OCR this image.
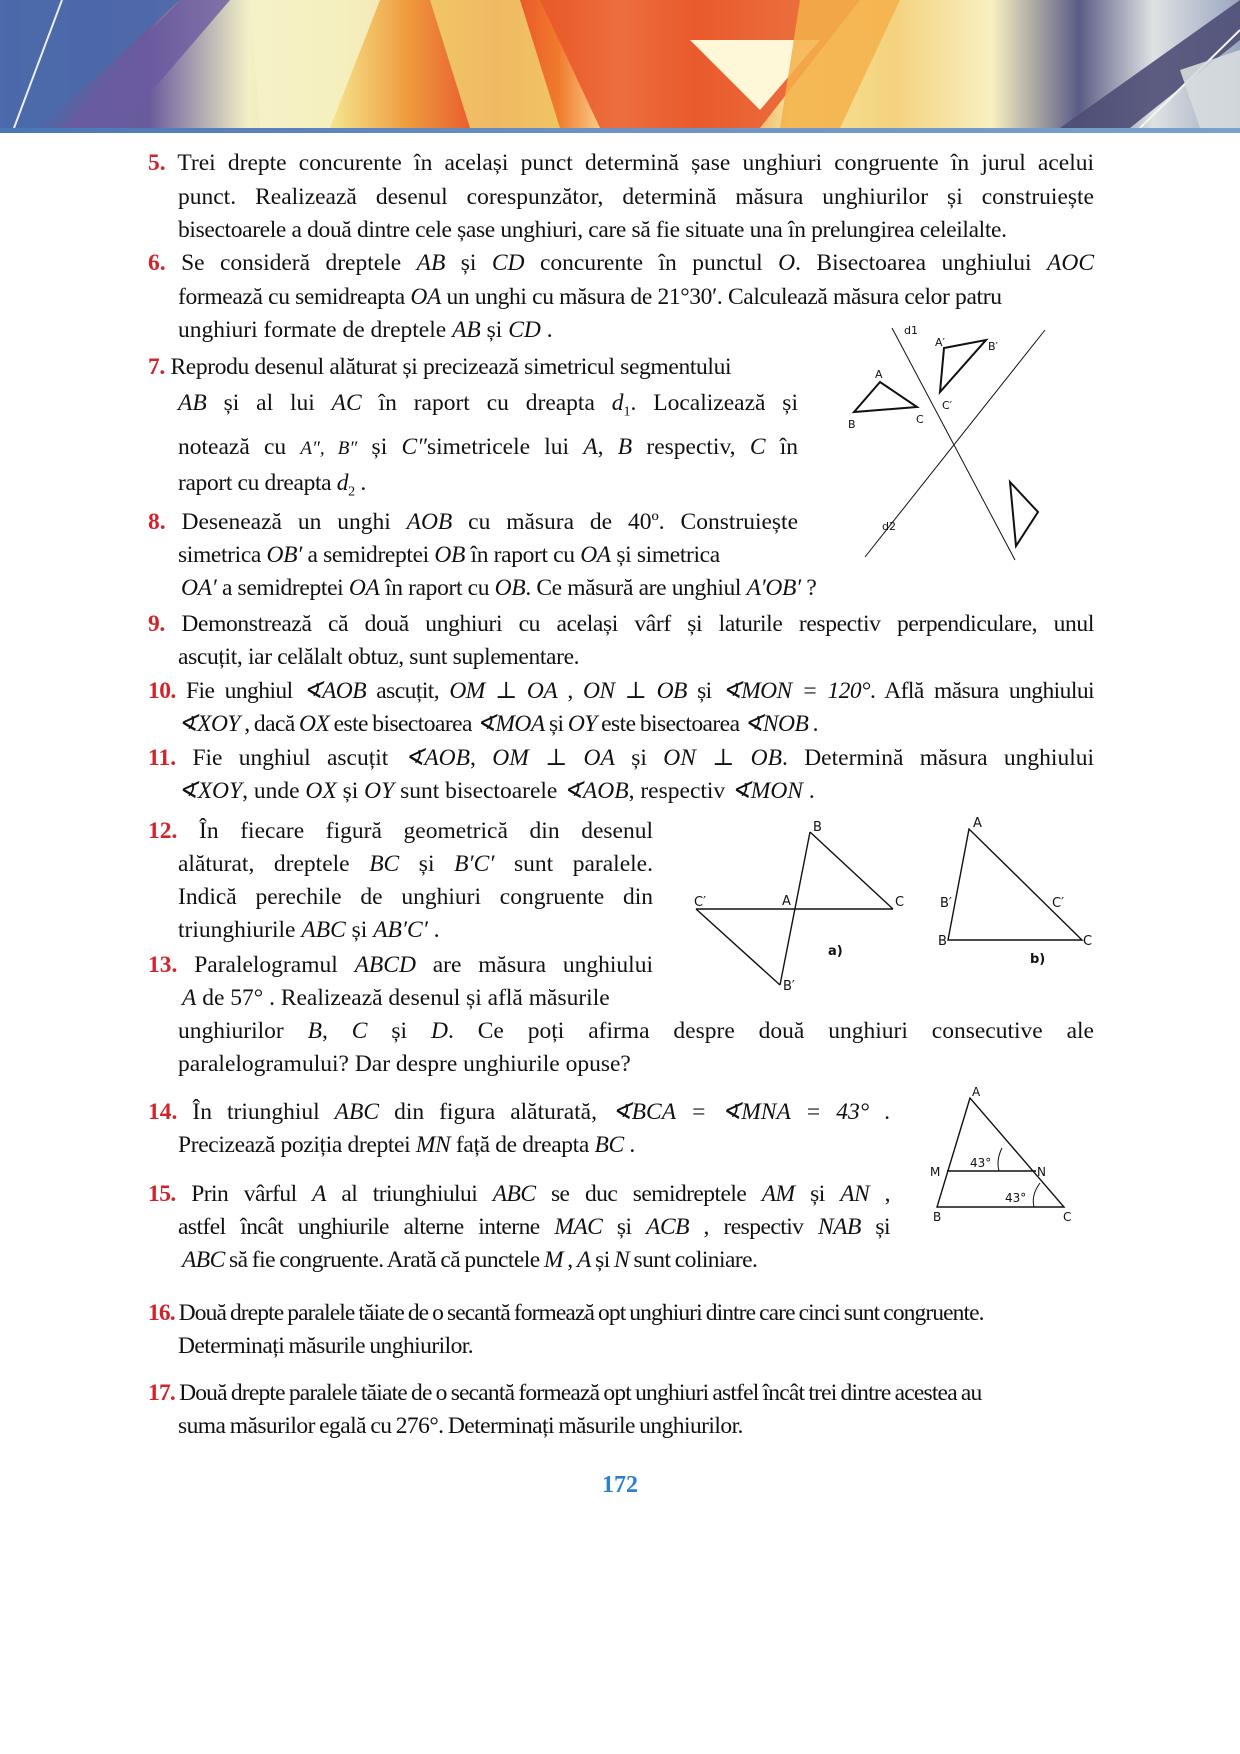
5. Trei drepte concurente în același punct determină șase unghiuri congruente în jurul acelui
punct. Realizează desenul corespunzător, determină măsura unghiurilor și construiește
bisectoarele a două dintre cele șase unghiuri, care să fie situate una în prelungirea celeilalte.
6. Se consideră dreptele AB și CD concurente în punctul O. Bisectoarea unghiului AOC
formează cu semidreapta OA un unghi cu măsura de 21°30′. Calculează măsura celor patru
unghiuri formate de dreptele AB și CD .
7. Reprodu desenul alăturat și precizează simetricul segmentului
AB și al lui AC în raport cu dreapta $d_1$. Localizează și
notează cu A″, B″ și C″simetricele lui A, B respectiv, C în
raport cu dreapta $d_2$ .
8. Desenează un unghi AOB cu măsura de 40º. Construiește
simetrica OB′ a semidreptei OB în raport cu OA și simetrica
OA′ a semidreptei OA în raport cu OB. Ce măsură are unghiul A′OB′ ?
9. Demonstrează că două unghiuri cu același vârf și laturile respectiv perpendiculare, unul
ascuțit, iar celălalt obtuz, sunt suplementare.
10. Fie unghiul ∢AOB ascuțit, OM ⊥ OA , ON ⊥ OB și ∢MON = 120°. Află măsura unghiului
∢XOY , dacă OX este bisectoarea ∢MOA și OY este bisectoarea ∢NOB .
11. Fie unghiul ascuțit ∢AOB, OM ⊥ OA și ON ⊥ OB. Determină măsura unghiului
∢XOY, unde OX și OY sunt bisectoarele ∢AOB, respectiv ∢MON .
12. În fiecare figură geometrică din desenul
alăturat, dreptele BC și B′C′ sunt paralele.
Indică perechile de unghiuri congruente din
triunghiurile ABC și AB′C′ .
13. Paralelogramul ABCD are măsura unghiului
A de 57° . Realizează desenul și află măsurile
unghiurilor B, C și D. Ce poți afirma despre două unghiuri consecutive ale
paralelogramului? Dar despre unghiurile opuse?
14. În triunghiul ABC din figura alăturată, ∢BCA = ∢MNA = 43° .
Precizează poziția dreptei MN față de dreapta BC .
15. Prin vârful A al triunghiului ABC se duc semidreptele AM și AN ,
astfel încât unghiurile alterne interne MAC și ACB , respectiv NAB și
ABC să fie congruente. Arată că punctele M , A și N sunt coliniare.
16. Două drepte paralele tăiate de o secantă formează opt unghiuri dintre care cinci sunt congruente.
Determinați măsurile unghiurilor.
17. Două drepte paralele tăiate de o secantă formează opt unghiuri astfel încât trei dintre acestea au
suma măsurilor egală cu 276°. Determinați măsurile unghiurilor.
d1
d2
A
B	C
A′	B′
C′
B
A	C
C′
B′
a)
A
B′	C′
B	C
b)
A
M	N
B	C
43°
43°
172
